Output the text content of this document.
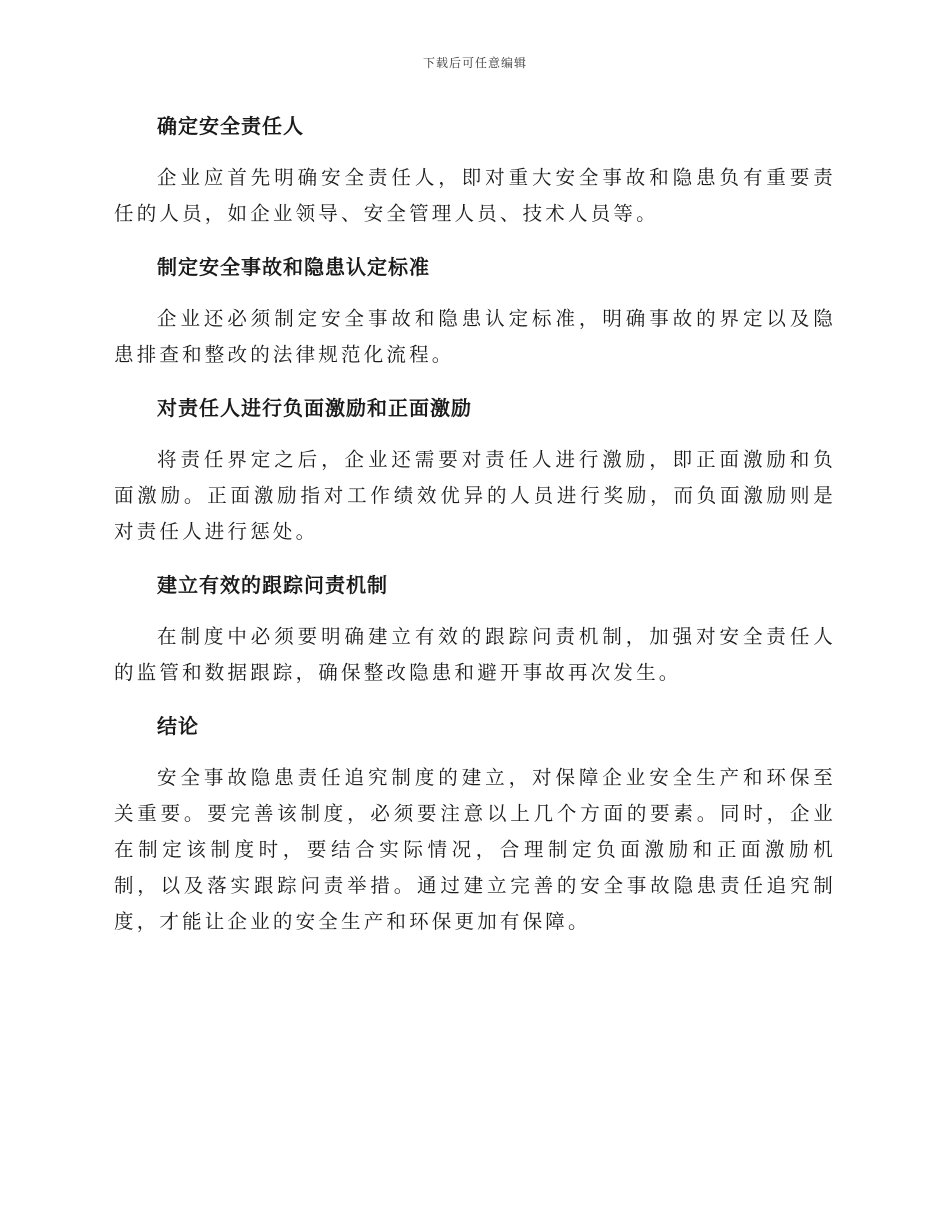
下载后可任意编辑
确定安全责任人

企业应首先明确安全责任人，即对重大安全事故和隐患负有重要责任的人员，如企业领导、安全管理人员、技术人员等。

制定安全事故和隐患认定标准

企业还必须制定安全事故和隐患认定标准，明确事故的界定以及隐患排查和整改的法律规范化流程。

对责任人进行负面激励和正面激励

将责任界定之后，企业还需要对责任人进行激励，即正面激励和负面激励。正面激励指对工作绩效优异的人员进行奖励，而负面激励则是对责任人进行惩处。

建立有效的跟踪问责机制

在制度中必须要明确建立有效的跟踪问责机制，加强对安全责任人的监管和数据跟踪，确保整改隐患和避开事故再次发生。

结论

安全事故隐患责任追究制度的建立，对保障企业安全生产和环保至关重要。要完善该制度，必须要注意以上几个方面的要素。同时，企业在制定该制度时，要结合实际情况，合理制定负面激励和正面激励机制，以及落实跟踪问责举措。通过建立完善的安全事故隐患责任追究制度，才能让企业的安全生产和环保更加有保障。
